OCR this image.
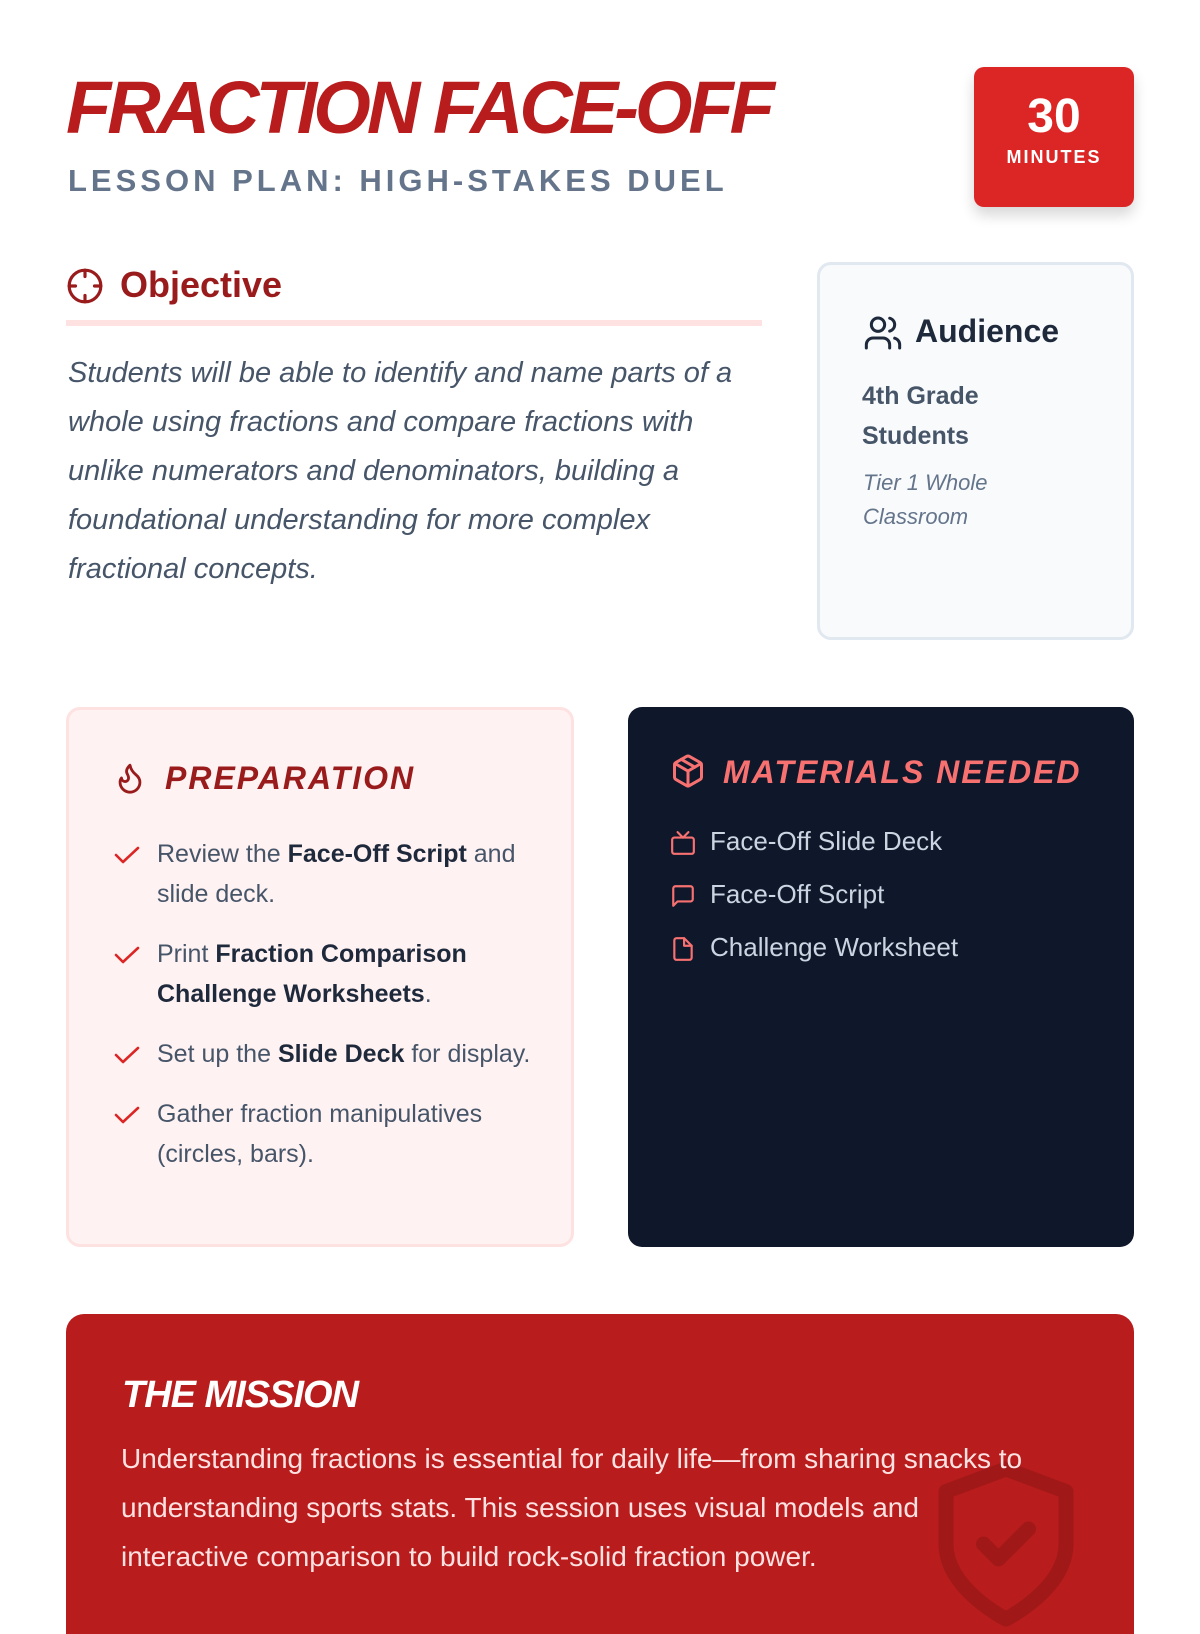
FRACTION FACE-OFF

LESSON PLAN: HIGH-STAKES DUEL

30
MINUTES
Objective

Students will be able to identify and name parts of a whole using fractions and compare fractions with unlike numerators and denominators, building a foundational understanding for more complex fractional concepts.

Audience

4th Grade Students

Tier 1 Whole Classroom

PREPARATION
Review the Face-Off Script and slide deck.
Print Fraction Comparison Challenge Worksheets.
Set up the Slide Deck for display.
Gather fraction manipulatives (circles, bars).
MATERIALS NEEDED
Face-Off Slide Deck
Face-Off Script
Challenge Worksheet
THE MISSION

Understanding fractions is essential for daily life—from sharing snacks to understanding sports stats. This session uses visual models and interactive comparison to build rock-solid fraction power.
